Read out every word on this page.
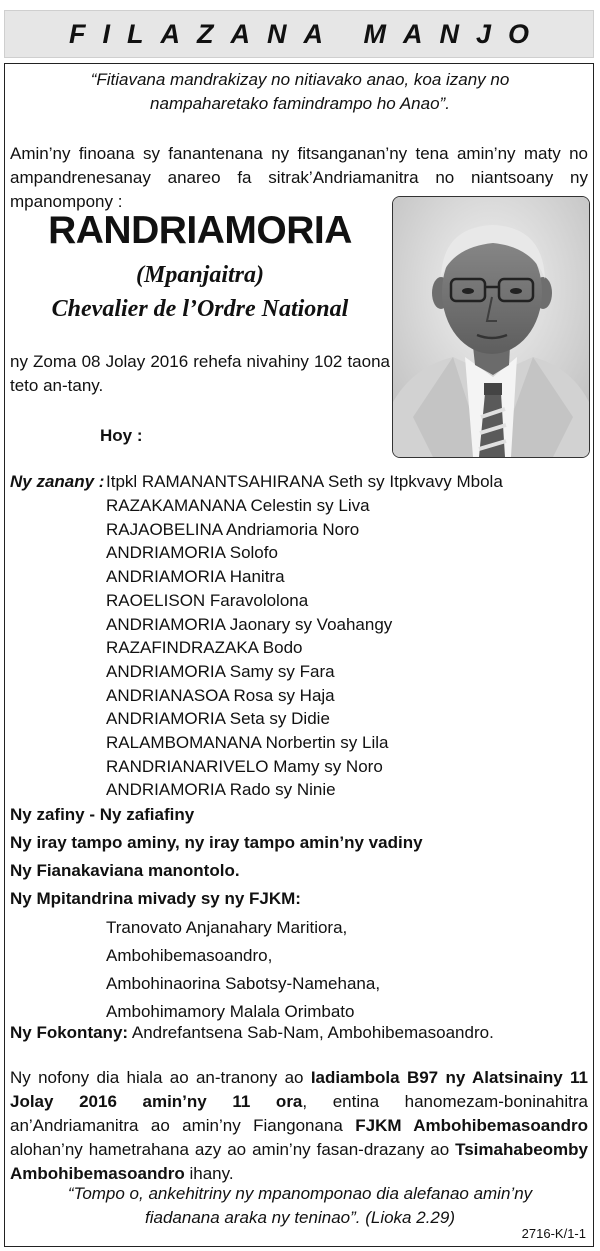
FILAZANA MANJO
“Fitiavana mandrakizay no nitiavako anao, koa izany no nampaharetako famindrampo ho Anao”.
Amin’ny finoana sy fanantenana ny fitsanganan’ny tena amin’ny maty no ampandrenesanay anareo fa sitrak’Andriamanitra no niantsoany ny mpanompony :
RANDRIAMORIA
(Mpanjaitra)
Chevalier de l’Ordre National
ny Zoma 08 Jolay 2016 rehefa nivahiny 102 taona teto an-tany.
Hoy :
Ny zanany : Itpkl RAMANANTSAHIRANA Seth sy Itpkvavy Mbola
RAZAKAMANANA Celestin sy Liva
RAJAOBELINA Andriamoria Noro
ANDRIAMORIA Solofo
ANDRIAMORIA Hanitra
RAOELISON Faravololona
ANDRIAMORIA Jaonary sy Voahangy
RAZAFINDRAZAKA Bodo
ANDRIAMORIA Samy sy Fara
ANDRIANASOA Rosa sy Haja
ANDRIAMORIA Seta sy Didie
RALAMBOMANANA Norbertin sy Lila
RANDRIANARIVELO Mamy sy Noro
ANDRIAMORIA Rado sy Ninie
Ny zafiny - Ny zafiafiny
Ny iray tampo aminy, ny iray tampo amin’ny vadiny
Ny Fianakaviana manontolo.
Ny Mpitandrina mivady sy ny FJKM:
Tranovato Anjanahary Maritiora,
Ambohibemasoandro,
Ambohinaorina Sabotsy-Namehana,
Ambohimamory Malala Orimbato
Ny Fokontany: Andrefantsena Sab-Nam, Ambohibemasoandro.
Ny nofony dia hiala ao an-tranony ao Iadiambola B97 ny Alatsinainy 11 Jolay 2016 amin’ny 11 ora, entina hanomezam-boninahitra an’Andriamanitra ao amin’ny Fiangonana FJKM Ambohibemasoandro alohan’ny hametrahana azy ao amin’ny fasan-drazany ao Tsimahabeomby Ambohibemasoandro ihany.
“Tompo o, ankehitriny ny mpanomponao dia alefanao amin’ny fiadanana araka ny teninao”. (Lioka 2.29)
2716-K/1-1
